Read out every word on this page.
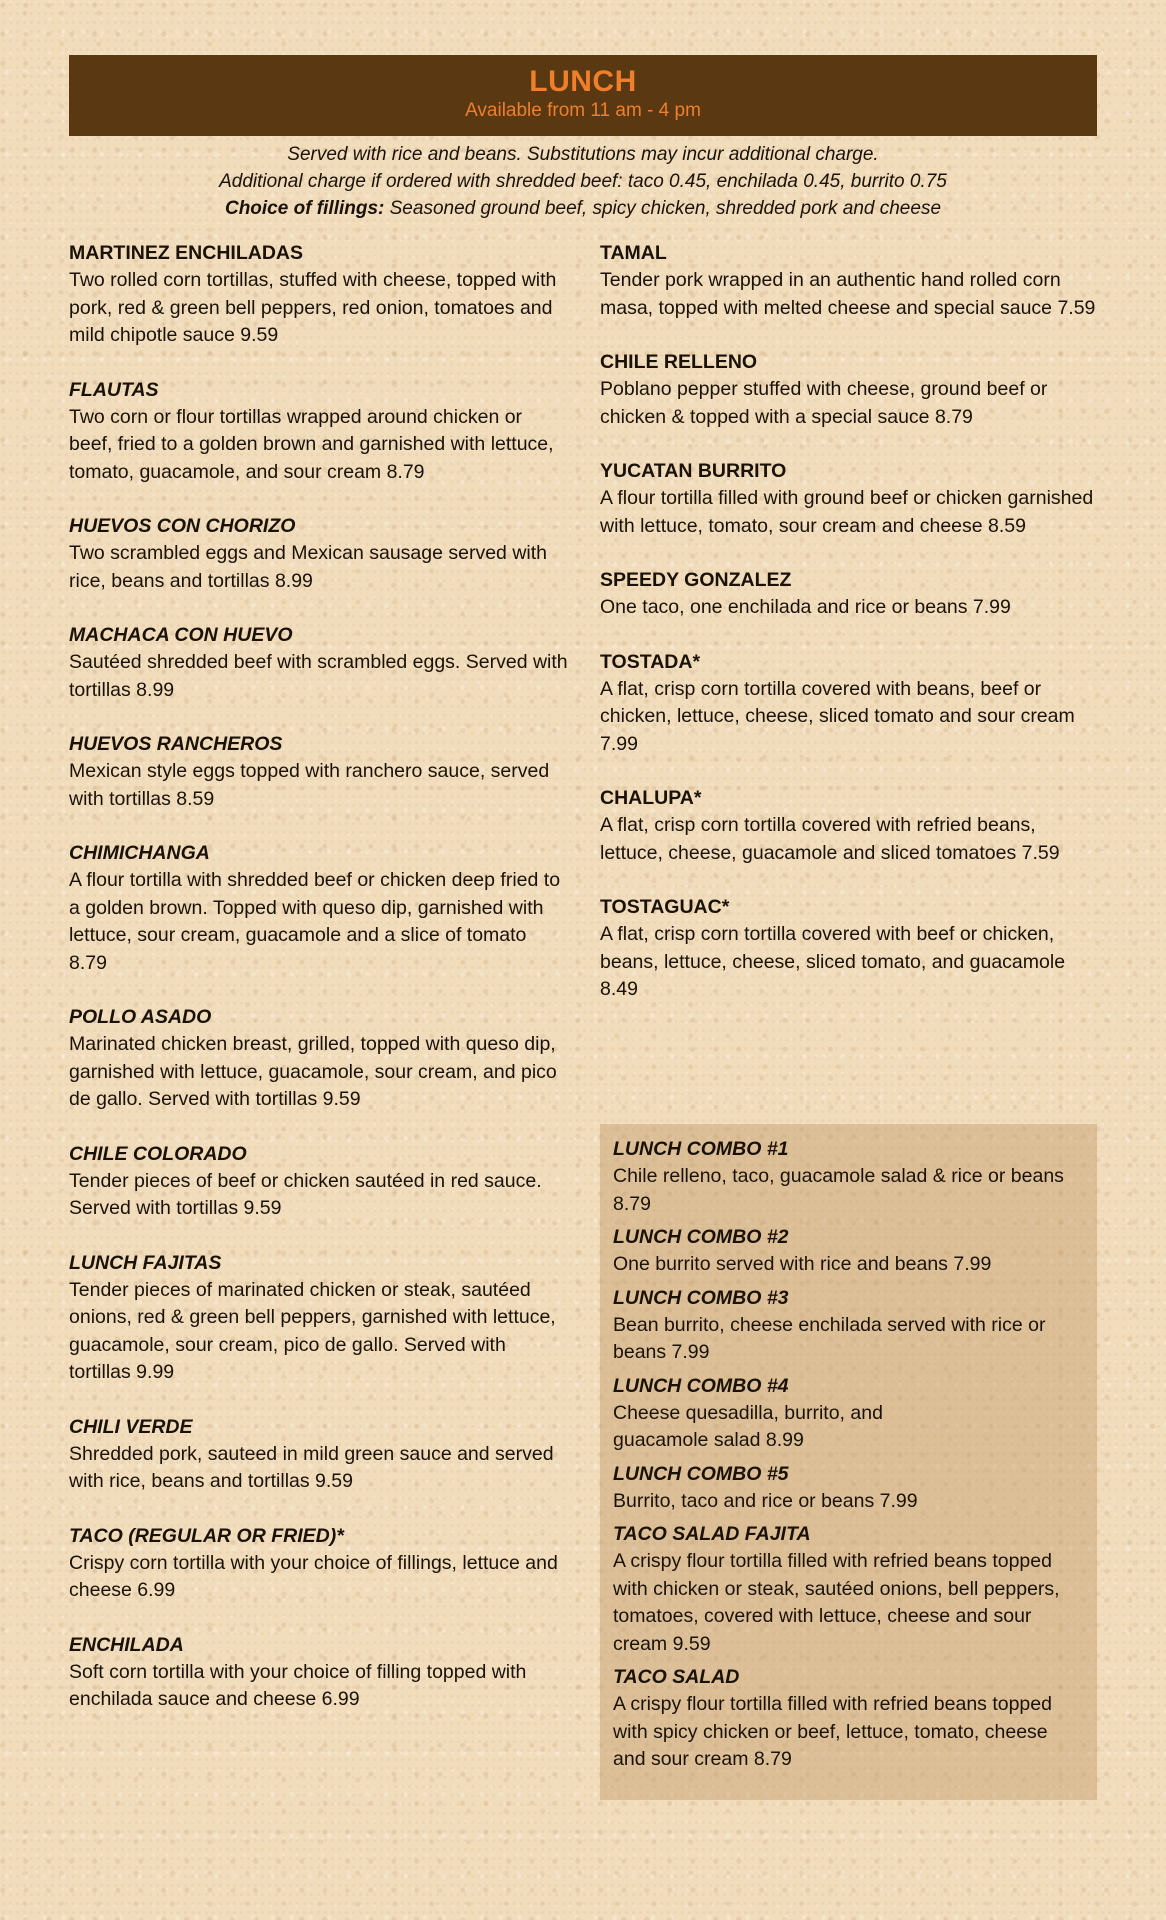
LUNCH
Available from 11 am - 4 pm
Served with rice and beans. Substitutions may incur additional charge.
Additional charge if ordered with shredded beef: taco 0.45, enchilada 0.45, burrito 0.75
Choice of fillings: Seasoned ground beef, spicy chicken, shredded pork and cheese
MARTINEZ ENCHILADAS
Two rolled corn tortillas, stuffed with cheese, topped with pork, red & green bell peppers, red onion, tomatoes and mild chipotle sauce 9.59
FLAUTAS
Two corn or flour tortillas wrapped around chicken or beef, fried to a golden brown and garnished with lettuce, tomato, guacamole, and sour cream 8.79
HUEVOS CON CHORIZO
Two scrambled eggs and Mexican sausage served with rice, beans and tortillas 8.99
MACHACA CON HUEVO
Sautéed shredded beef with scrambled eggs. Served with tortillas 8.99
HUEVOS RANCHEROS
Mexican style eggs topped with ranchero sauce, served with tortillas 8.59
CHIMICHANGA
A flour tortilla with shredded beef or chicken deep fried to a golden brown. Topped with queso dip, garnished with lettuce, sour cream, guacamole and a slice of tomato 8.79
POLLO ASADO
Marinated chicken breast, grilled, topped with queso dip, garnished with lettuce, guacamole, sour cream, and pico de gallo. Served with tortillas 9.59
CHILE COLORADO
Tender pieces of beef or chicken sautéed in red sauce. Served with tortillas 9.59
LUNCH FAJITAS
Tender pieces of marinated chicken or steak, sautéed onions, red & green bell peppers, garnished with lettuce, guacamole, sour cream, pico de gallo. Served with tortillas 9.99
CHILI VERDE
Shredded pork, sauteed in mild green sauce and served with rice, beans and tortillas 9.59
TACO (REGULAR OR FRIED)*
Crispy corn tortilla with your choice of fillings, lettuce and cheese 6.99
ENCHILADA
Soft corn tortilla with your choice of filling topped with enchilada sauce and cheese 6.99
TAMAL
Tender pork wrapped in an authentic hand rolled corn masa, topped with melted cheese and special sauce 7.59
CHILE RELLENO
Poblano pepper stuffed with cheese, ground beef or chicken & topped with a special sauce 8.79
YUCATAN BURRITO
A flour tortilla filled with ground beef or chicken garnished with lettuce, tomato, sour cream and cheese 8.59
SPEEDY GONZALEZ
One taco, one enchilada and rice or beans 7.99
TOSTADA*
A flat, crisp corn tortilla covered with beans, beef or chicken, lettuce, cheese, sliced tomato and sour cream 7.99
CHALUPA*
A flat, crisp corn tortilla covered with refried beans, lettuce, cheese, guacamole and sliced tomatoes 7.59
TOSTAGUAC*
A flat, crisp corn tortilla covered with beef or chicken, beans, lettuce, cheese, sliced tomato, and guacamole 8.49
LUNCH COMBO #1
Chile relleno, taco, guacamole salad & rice or beans 8.79
LUNCH COMBO #2
One burrito served with rice and beans 7.99
LUNCH COMBO #3
Bean burrito, cheese enchilada served with rice or beans 7.99
LUNCH COMBO #4
Cheese quesadilla, burrito, and guacamole salad 8.99
LUNCH COMBO #5
Burrito, taco and rice or beans 7.99
TACO SALAD FAJITA
A crispy flour tortilla filled with refried beans topped with chicken or steak, sautéed onions, bell peppers, tomatoes, covered with lettuce, cheese and sour cream 9.59
TACO SALAD
A crispy flour tortilla filled with refried beans topped with spicy chicken or beef, lettuce, tomato, cheese and sour cream 8.79
